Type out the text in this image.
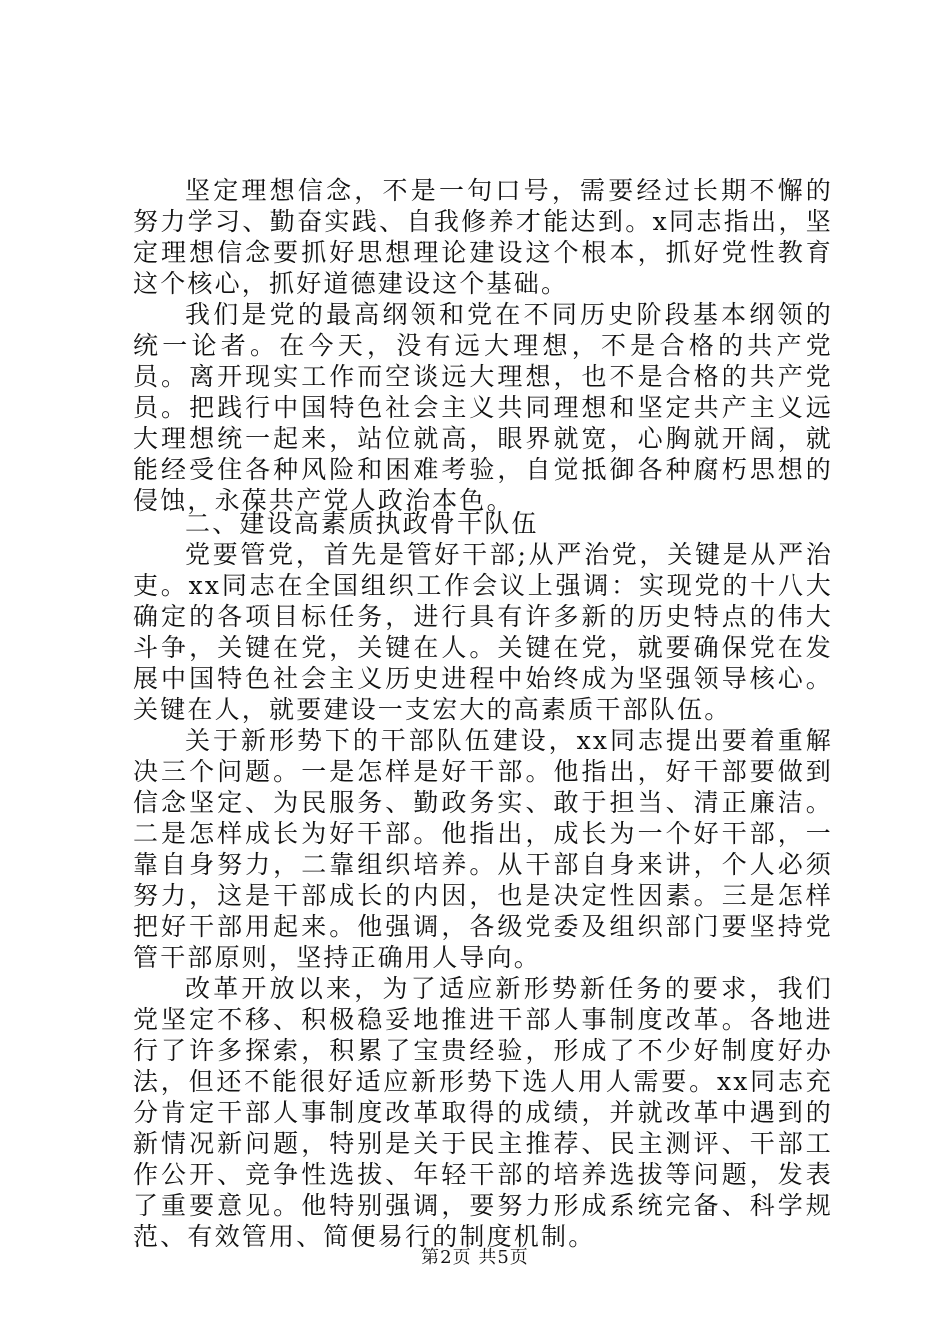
坚定理想信念，不是一句口号，需要经过长期不懈的努力学习、勤奋实践、自我修养才能达到。x同志指出，坚定理想信念要抓好思想理论建设这个根本，抓好党性教育这个核心，抓好道德建设这个基础。

我们是党的最高纲领和党在不同历史阶段基本纲领的统一论者。在今天，没有远大理想，不是合格的共产党员。离开现实工作而空谈远大理想，也不是合格的共产党员。把践行中国特色社会主义共同理想和坚定共产主义远大理想统一起来，站位就高，眼界就宽，心胸就开阔，就能经受住各种风险和困难考验，自觉抵御各种腐朽思想的侵蚀，永葆共产党人政治本色。

二、建设高素质执政骨干队伍

党要管党，首先是管好干部;从严治党，关键是从严治吏。xx同志在全国组织工作会议上强调：实现党的十八大确定的各项目标任务，进行具有许多新的历史特点的伟大斗争，关键在党，关键在人。关键在党，就要确保党在发展中国特色社会主义历史进程中始终成为坚强领导核心。关键在人，就要建设一支宏大的高素质干部队伍。

关于新形势下的干部队伍建设，xx同志提出要着重解决三个问题。一是怎样是好干部。他指出，好干部要做到信念坚定、为民服务、勤政务实、敢于担当、清正廉洁。二是怎样成长为好干部。他指出，成长为一个好干部，一靠自身努力，二靠组织培养。从干部自身来讲，个人必须努力，这是干部成长的内因，也是决定性因素。三是怎样把好干部用起来。他强调，各级党委及组织部门要坚持党管干部原则，坚持正确用人导向。

改革开放以来，为了适应新形势新任务的要求，我们党坚定不移、积极稳妥地推进干部人事制度改革。各地进行了许多探索，积累了宝贵经验，形成了不少好制度好办法，但还不能很好适应新形势下选人用人需要。xx同志充分肯定干部人事制度改革取得的成绩，并就改革中遇到的新情况新问题，特别是关于民主推荐、民主测评、干部工作公开、竞争性选拔、年轻干部的培养选拔等问题，发表了重要意见。他特别强调，要努力形成系统完备、科学规范、有效管用、简便易行的制度机制。

第2页 共5页
